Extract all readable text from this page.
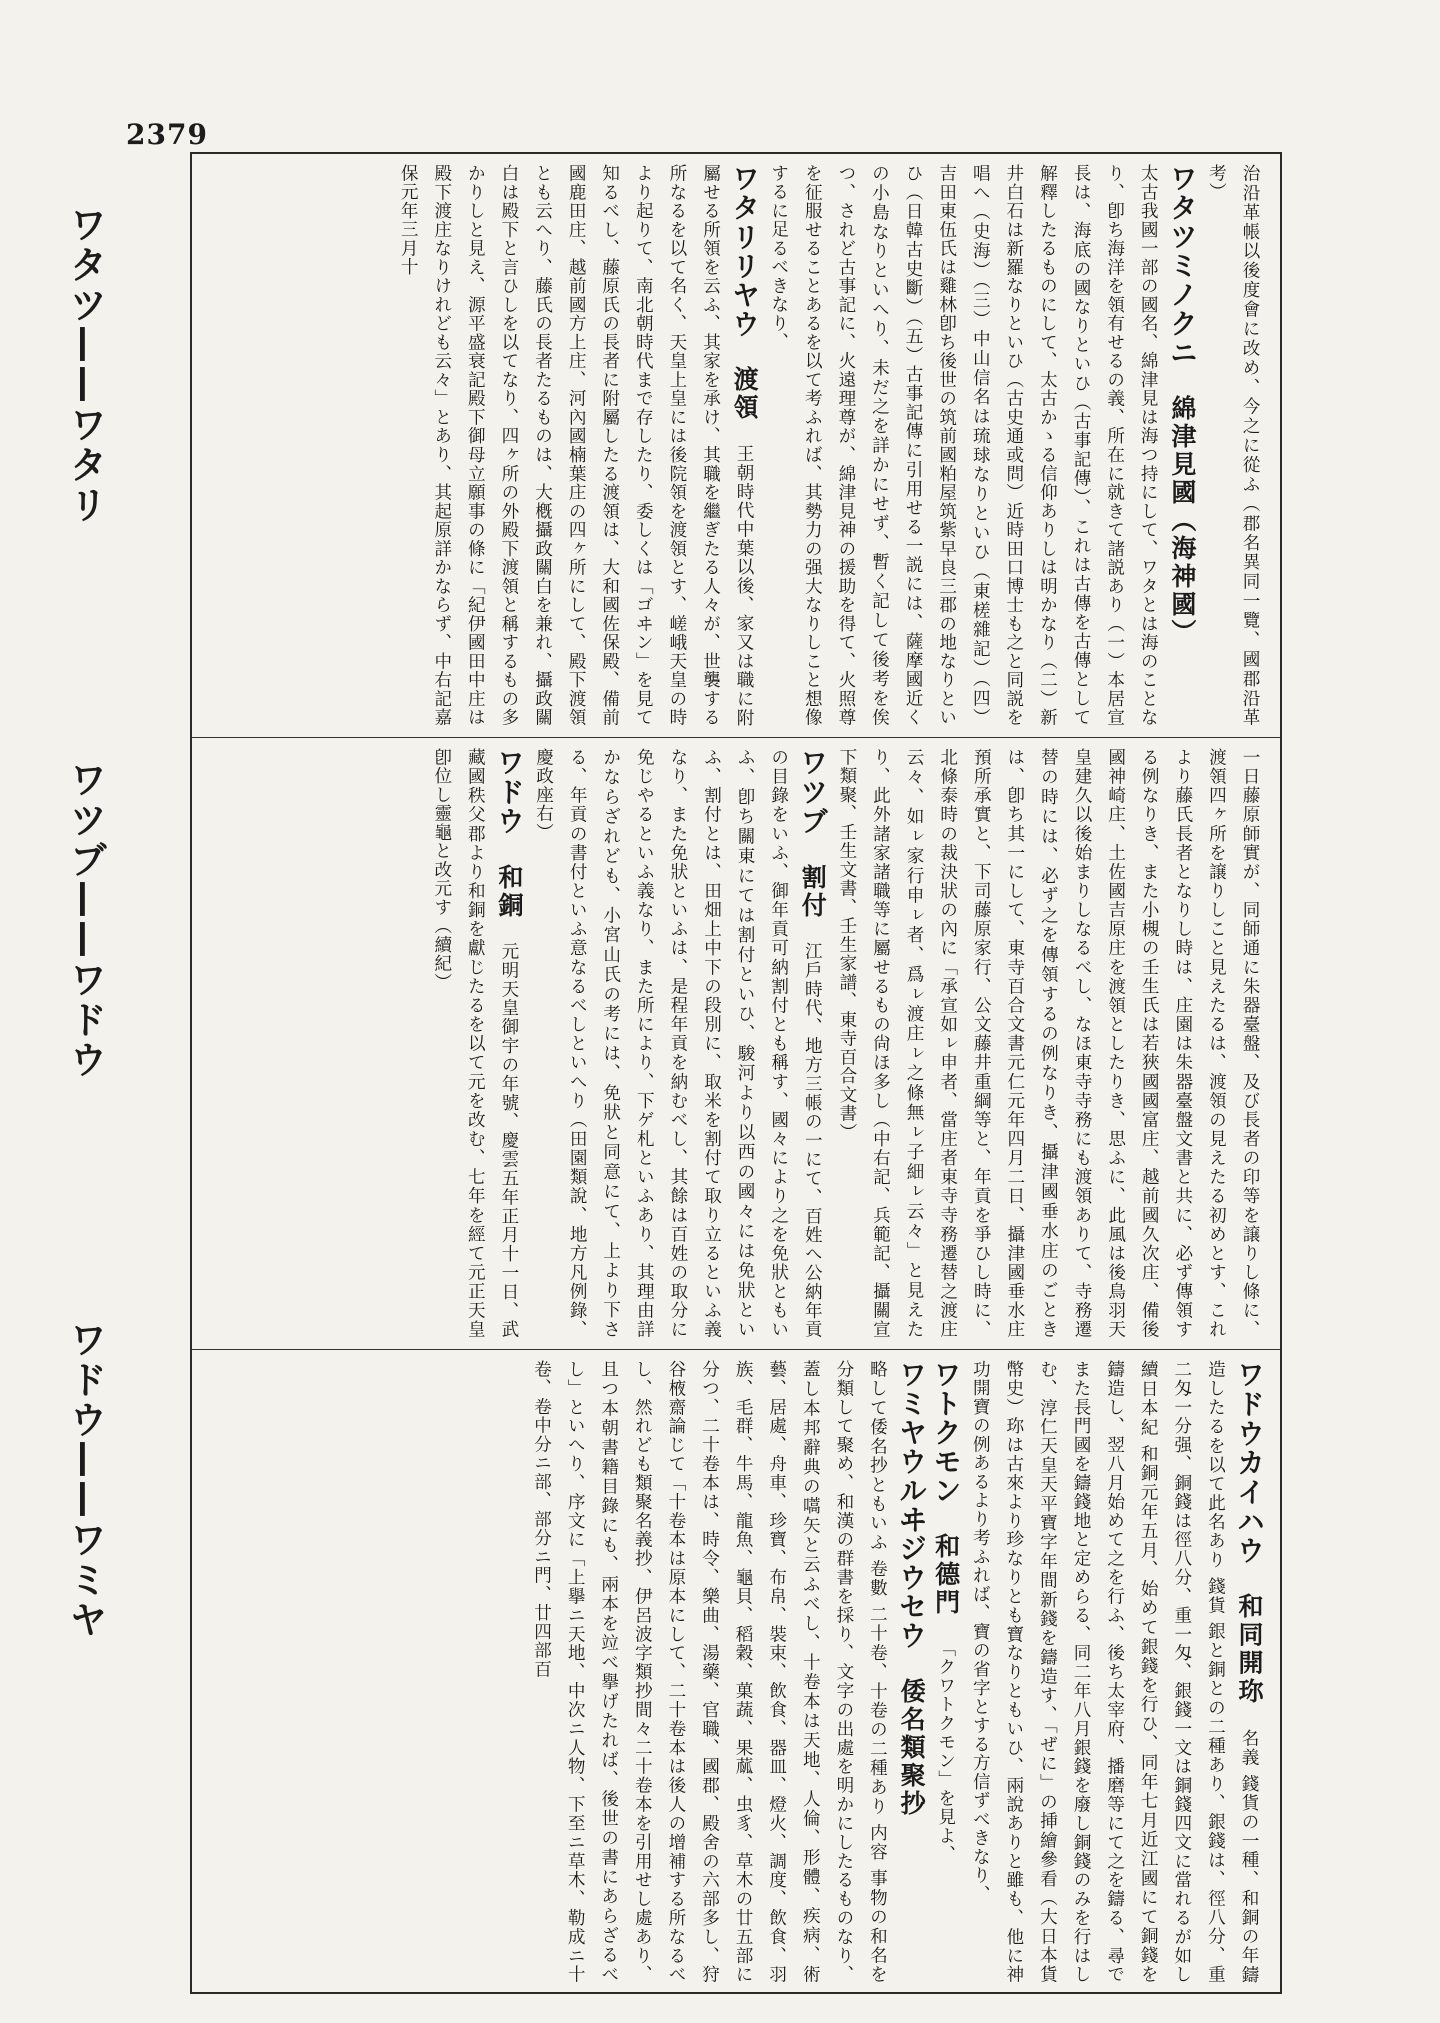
2379
ワタツ——ワタリ
ワツブ——ワドウ
ワドウ——ワミヤ

治沿革帳以後度會に改め、今之に從ふ（郡名異同一覽、國郡沿革考）

ワタツミノクニ綿津見國（海神國）

太古我國一部の國名、綿津見は海つ持にして、ワタとは海のことなり、卽ち海洋を領有せるの義、所在に就きて諸説あり（一）本居宣長は、海底の國なりといひ（古事記傳）、これは古傳を古傳として解釋したるものにして、太古かゝる信仰ありしは明かなり（二）新井白石は新羅なりといひ（古史通或問）近時田口博士も之と同説を唱へ（史海）（三）中山信名は琉球なりといひ（東槎雜記）（四）吉田東伍氏は雞林卽ち後世の筑前國粕屋筑紫早良三郡の地なりといひ（日韓古史斷）（五）古事記傳に引用せる一説には、薩摩國近くの小島なりといへり、未だ之を詳かにせず、暫く記して後考を俟つ、されど古事記に、火遠理尊が、綿津見神の援助を得て、火照尊を征服せることあるを以て考ふれば、其勢力の强大なりしこと想像するに足るべきなり、

ワタリリヤウ渡領王朝時代中葉以後、家又は職に附屬せる所領を云ふ、其家を承け、其職を繼ぎたる人々が、世襲する所なるを以て名く、天皇上皇には後院領を渡領とす、嵯峨天皇の時より起りて、南北朝時代まで存したり、委しくは「ゴヰン」を見て知るべし、藤原氏の長者に附屬したる渡領は、大和國佐保殿、備前國鹿田庄、越前國方上庄、河內國楠葉庄の四ヶ所にして、殿下渡領とも云へり、藤氏の長者たるものは、大槪攝政關白を兼れ、攝政關白は殿下と言ひしを以てなり、四ヶ所の外殿下渡領と稱するもの多かりしと見え、源平盛衰記殿下御母立願事の條に「紀伊國田中庄は殿下渡庄なりけれども云々」とあり、其起原詳かならず、中右記嘉保元年三月十

一日藤原師實が、同師通に朱器臺盤、及び長者の印等を譲りし條に、渡領四ヶ所を譲りしこと見えたるは、渡領の見えたる初めとす、これより藤氏長者となりし時は、庄園は朱器臺盤文書と共に、必ず傳領する例なりき、また小槻の壬生氏は若狹國國富庄、越前國久次庄、備後國神崎庄、土佐國吉原庄を渡領としたりき、思ふに、此風は後鳥羽天皇建久以後始まりしなるべし、なほ東寺寺務にも渡領ありて、寺務遷替の時には、必ず之を傳領するの例なりき、攝津國垂水庄のごときは、卽ち其一にして、東寺百合文書元仁元年四月二日、攝津國垂水庄預所承實と、下司藤原家行、公文藤井重綱等と、年貢を爭ひし時に、北條泰時の裁決狀の內に「承宣如ㇾ申者、當庄者東寺寺務遷替之渡庄云々、如ㇾ家行申ㇾ者、爲ㇾ渡庄ㇾ之條無ㇾ子細ㇾ云々」と見えたり、此外諸家諸職等に屬せるもの尙ほ多し（中右記、兵範記、攝關宣下類聚、壬生文書、壬生家譜、東寺百合文書）

ワツブ割付江戶時代、地方三帳の一にて、百姓へ公納年貢の目錄をいふ、御年貢可納割付とも稱す、國々により之を免狀ともいふ、卽ち關東にては割付といひ、駿河より以西の國々には免狀といふ、割付とは、田畑上中下の段別に、取米を割付て取り立るといふ義なり、また免狀といふは、是程年貢を納むべし、其餘は百姓の取分に免じやるといふ義なり、また所により、下ゲ札といふあり、其理由詳かならざれども、小宮山氏の考には、免狀と同意にて、上より下さる、年貢の書付といふ意なるべしといへり（田園類說、地方凡例錄、慶政座右）

ワドウ和銅元明天皇御宇の年號、慶雲五年正月十一日、武藏國秩父郡より和銅を獻じたるを以て元を改む、七年を經て元正天皇卽位し靈龜と改元す（續紀）

ワドウカイハウ和同開珎名義 錢貨の一種、和銅の年鑄造したるを以て此名あり 錢貨 銀と銅との二種あり、銀錢は、徑八分、重二匁一分强、銅錢は徑八分、重一匁、銀錢一文は銅錢四文に當れるが如し 續日本紀 和銅元年五月、始めて銀錢を行ひ、同年七月近江國にて銅錢を鑄造し、翌八月始めて之を行ふ、後ち太宰府、播磨等にて之を鑄る、尋でまた長門國を鑄錢地と定めらる、同二年八月銀錢を廢し銅錢のみを行はしむ、淳仁天皇天平寶字年間新錢を鑄造す、「ぜに」の挿繪參看（大日本貨幣史）珎は古來より珍なりとも寶なりともいひ、兩說ありと雖も、他に神功開寶の例あるより考ふれば、寶の省字とする方信ずべきなり、

ワトクモン和德門「クワトクモン」を見よ、

ワミヤウルヰジウセウ倭名類聚抄

略して倭名抄ともいふ 卷數 二十卷、十卷の二種あり 内容 事物の和名を分類して聚め、和漢の群書を採り、文字の出處を明かにしたるものなり、蓋し本邦辭典の嚆矢と云ふべし、十卷本は天地、人倫、形體、疾病、術藝、居處、舟車、珍寶、布帛、裝束、飲食、器皿、燈火、調度、飲食、羽族、毛群、牛馬、龍魚、龜貝、稻穀、菓蔬、果蓏、虫豸、草木の廿五部に分つ、二十卷本は、時令、樂曲、湯藥、官職、國郡、殿舍の六部多し、狩谷棭齋論じて「十卷本は原本にして、二十卷本は後人の增補する所なるべし、然れども類聚名義抄、伊呂波字類抄間々二十卷本を引用せし處あり、且つ本朝書籍目錄にも、兩本を竝べ擧げたれば、後世の書にあらざるべし」といへり、序文に「上擧ニ天地、中次ニ人物、下至ニ草木、勒成ニ十卷、卷中分ニ部、部分ニ門、廿四部百
